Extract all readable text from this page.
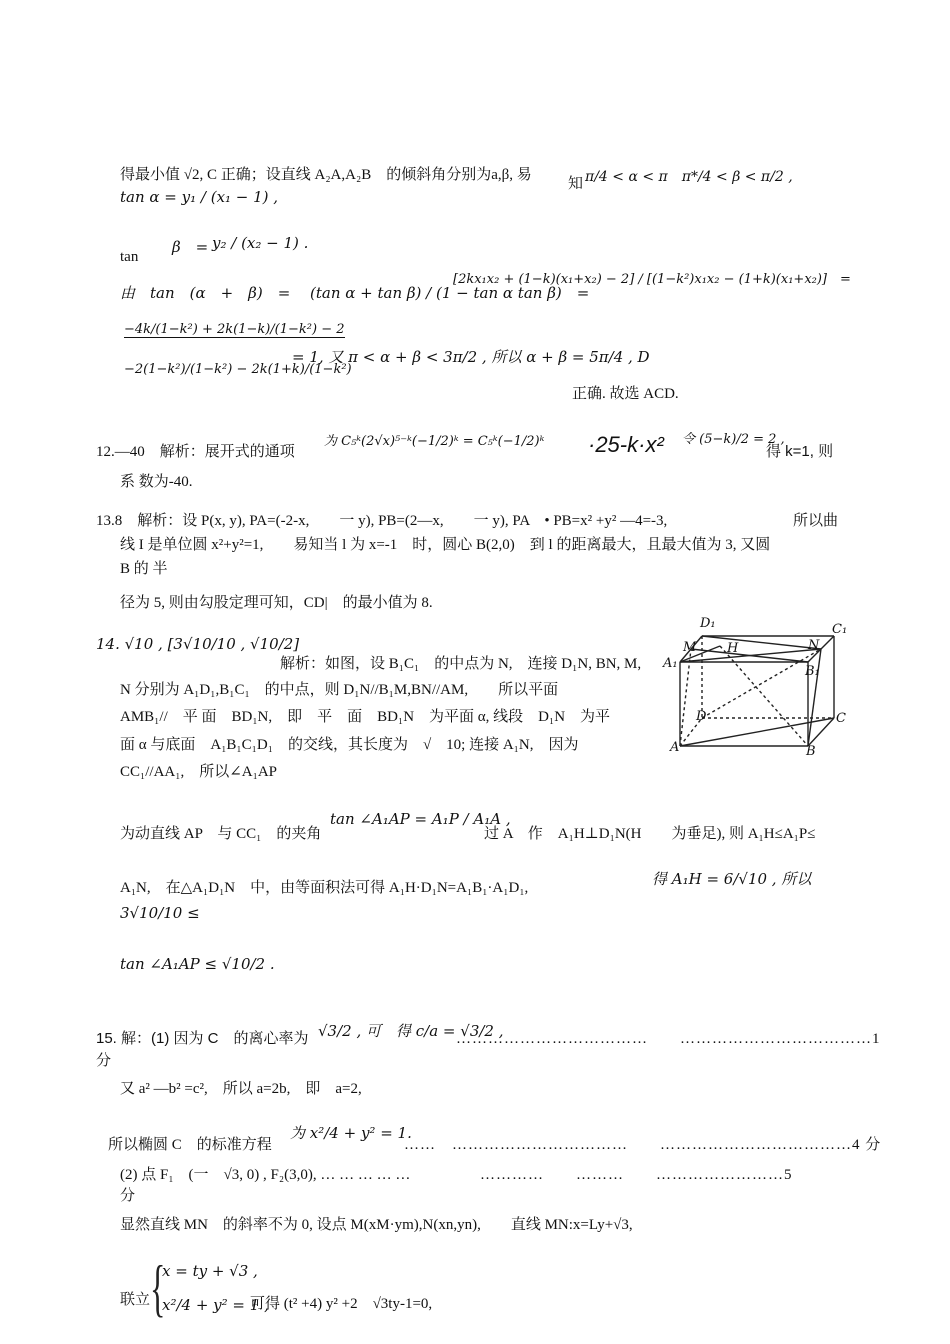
得最小值 √2, C 正确；设直线 A₂A,A₂B　的倾斜角分别为a,β, 易
知 π/4 < α < π　π*/4 < β < π/2 ,
tan α = y₁ / (x₁ − 1) ,
tan
β　= y₂ / (x₂ − 1) .
由　tan　(α　+　β)　= (tan α + tan β) / (1 − tan α tan β)　=
[2kx₁x₂ + (1−k)(x₁+x₂) − 2] / [(1−k²)x₁x₂ − (1+k)(x₁+x₂)]　=
−4k/(1−k²) + 2k(1−k)/(1−k²) − 2
−2(1−k²)/(1−k²) − 2k(1+k)/(1−k²)
= 1, 又 π < α + β < 3π/2 , 所以 α + β = 5π/4 , D
正确. 故选 ACD.
12.—40　解析：展开式的通项
为 C₅ᵏ(2√x)⁵⁻ᵏ(−1/2)ᵏ = C₅ᵏ(−1/2)ᵏ ·25-k·x² 令 (5−k)/2 = 2 ,
得 k=1, 则
系 数为-40.
13.8　解析：设 P(x, y), PA=(-2-x,　　一 y), PB=(2—x,　　一 y), PA　• PB=x² +y² —4=-3,	所以曲
线 I 是单位圆 x²+y²=1,　　易知当 l 为 x=-1　时，圆心 B(2,0)　到 l 的距离最大，且最大值为 3, 又圆
B 的 半
径为 5, 则由勾股定理可知，CD|　的最小值为 8.
14. √10 , [3√10/10 , √10/2]
解析：如图，设 B₁C₁　的中点为 N,　连接 D₁N, BN, M,
N 分别为 A₁D₁,B₁C₁　的中点，则 D₁N//B₁M,BN//AM,　　所以平面
AMB₁//　平 面　BD₁N,　即　平　面　BD₁N　为平面 α, 线段　D₁N　为平
面 α 与底面　A₁B₁C₁D₁　的交线，其长度为　√　10; 连接 A₁N,　因为
CC₁//AA₁,　所以∠A₁AP
D₁	C₁
M H	N
A₁
B₁
D	C
A	B
为动直线 AP　与 CC₁　的夹角
tan ∠A₁AP = A₁P / A₁A ,
过 A　作　A₁H⊥D₁N(H　　为垂足), 则 A₁H≤A₁P≤
A₁N,　在△A₁D₁N　中，由等面积法可得 A₁H·D₁N=A₁B₁·A₁D₁,	得 A₁H = 6/√10 , 所以
3√10/10 ≤
tan ∠A₁AP ≤ √10/2 .
15. 解：(1) 因为 C　的离心率为 √3/2 , 可　得 c/a = √3/2 ,
………………………………　　………………………………1
分
又 a² —b² =c²,　所以 a=2b,　即　a=2,
所以椭圆 C　的标准方程
为 x²/4 + y² = 1.
……　……………………………　　………………………………4 分
(2) 点 F₁　(一　√3, 0) , F₂(3,0), … … … … …	…………　　………　　……………………5
分
显然直线 MN　的斜率不为 0, 设点 M(xM·ym),N(xn,yn),　　直线 MN:x=Ly+√3,
联立 {
x = ty + √3 ,
x²/4 + y² = 1 ,
可得 (t² +4) y² +2　√3ty-1=0,
